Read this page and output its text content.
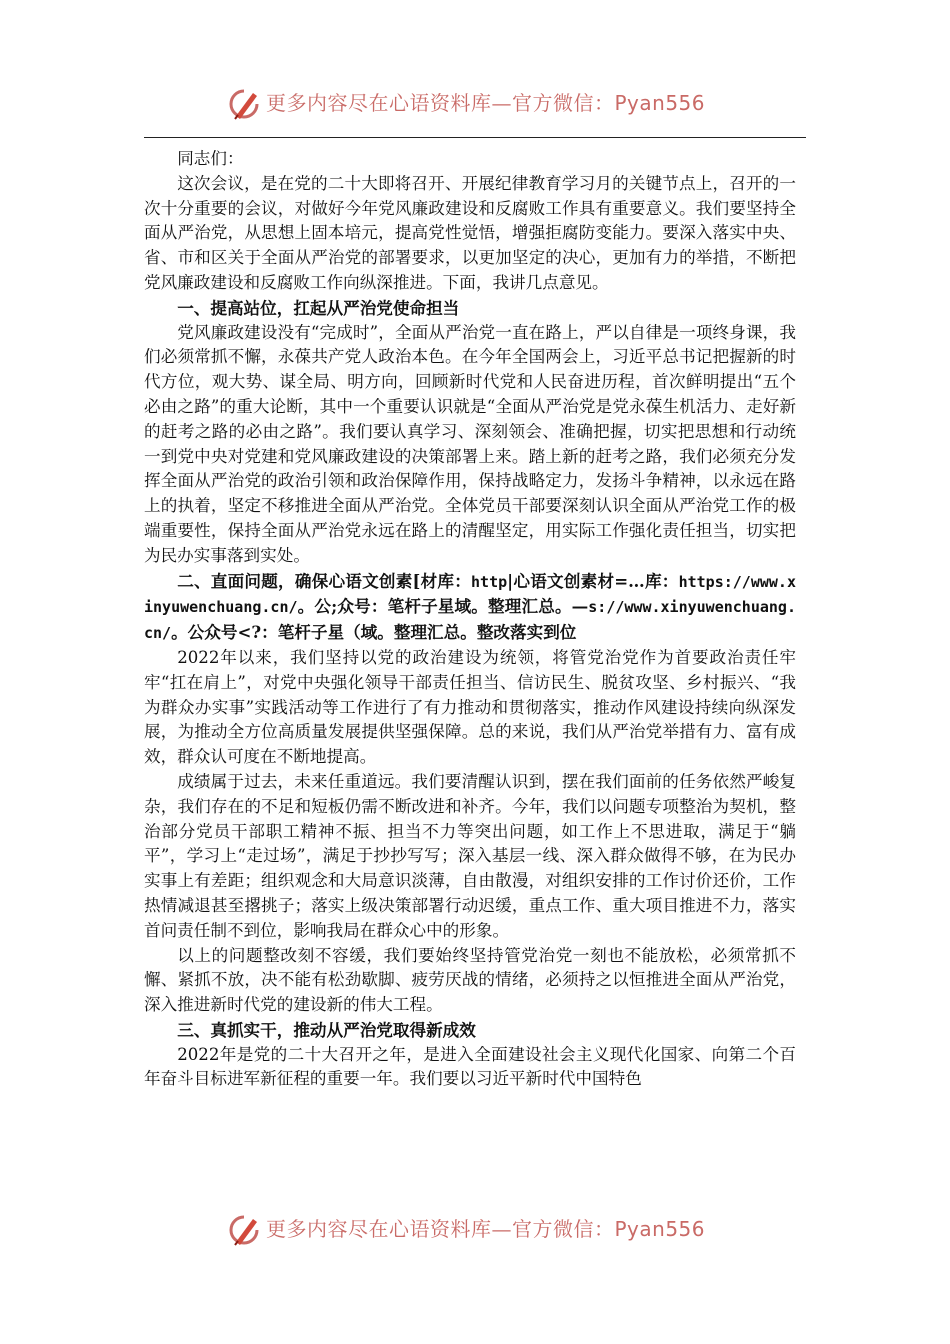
更多内容尽在心语资料库—官方微信：Pyan556

同志们：

这次会议，是在党的二十大即将召开、开展纪律教育学习月的关键节点上，召开的一次十分重要的会议，对做好今年党风廉政建设和反腐败工作具有重要意义。我们要坚持全面从严治党，从思想上固本培元，提高党性觉悟，增强拒腐防变能力。要深入落实中央、省、市和区关于全面从严治党的部署要求，以更加坚定的决心，更加有力的举措，不断把党风廉政建设和反腐败工作向纵深推进。下面，我讲几点意见。

一、提高站位，扛起从严治党使命担当

党风廉政建设没有“完成时”，全面从严治党一直在路上，严以自律是一项终身课，我们必须常抓不懈，永葆共产党人政治本色。在今年全国两会上，习近平总书记把握新的时代方位，观大势、谋全局、明方向，回顾新时代党和人民奋进历程，首次鲜明提出“五个必由之路”的重大论断，其中一个重要认识就是“全面从严治党是党永葆生机活力、走好新的赶考之路的必由之路”。我们要认真学习、深刻领会、准确把握，切实把思想和行动统一到党中央对党建和党风廉政建设的决策部署上来。踏上新的赶考之路，我们必须充分发挥全面从严治党的政治引领和政治保障作用，保持战略定力，发扬斗争精神，以永远在路上的执着，坚定不移推进全面从严治党。全体党员干部要深刻认识全面从严治党工作的极端重要性，保持全面从严治党永远在路上的清醒坚定，用实际工作强化责任担当，切实把为民办实事落到实处。

二、直面问题，确保心语文创素[材库：http|心语文创素材=…库：https://www.xinyuwenchuang.cn/。公;众号：笔杆子星域。整理汇总。—s://www.xinyuwenchuang.cn/。公众号<?：笔杆子星（域。整理汇总。整改落实到位

2022年以来，我们坚持以党的政治建设为统领，将管党治党作为首要政治责任牢牢“扛在肩上”，对党中央强化领导干部责任担当、信访民生、脱贫攻坚、乡村振兴、“我为群众办实事”实践活动等工作进行了有力推动和贯彻落实，推动作风建设持续向纵深发展，为推动全方位高质量发展提供坚强保障。总的来说，我们从严治党举措有力、富有成效，群众认可度在不断地提高。

成绩属于过去，未来任重道远。我们要清醒认识到，摆在我们面前的任务依然严峻复杂，我们存在的不足和短板仍需不断改进和补齐。今年，我们以问题专项整治为契机，整治部分党员干部职工精神不振、担当不力等突出问题，如工作上不思进取，满足于“躺平”，学习上“走过场”，满足于抄抄写写；深入基层一线、深入群众做得不够，在为民办实事上有差距；组织观念和大局意识淡薄，自由散漫，对组织安排的工作讨价还价，工作热情减退甚至撂挑子；落实上级决策部署行动迟缓，重点工作、重大项目推进不力，落实首问责任制不到位，影响我局在群众心中的形象。

以上的问题整改刻不容缓，我们要始终坚持管党治党一刻也不能放松，必须常抓不懈、紧抓不放，决不能有松劲歇脚、疲劳厌战的情绪，必须持之以恒推进全面从严治党，深入推进新时代党的建设新的伟大工程。

三、真抓实干，推动从严治党取得新成效

2022年是党的二十大召开之年，是进入全面建设社会主义现代化国家、向第二个百年奋斗目标进军新征程的重要一年。我们要以习近平新时代中国特色

更多内容尽在心语资料库—官方微信：Pyan556
